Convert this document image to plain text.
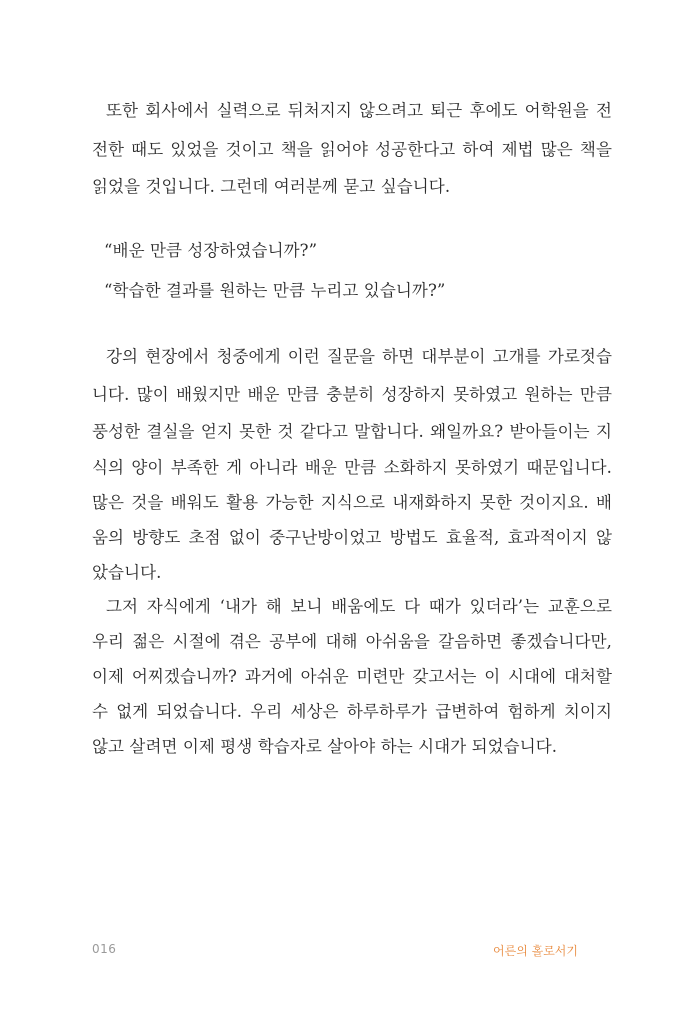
또한 회사에서 실력으로 뒤처지지 않으려고 퇴근 후에도 어학원을 전
전한 때도 있었을 것이고 책을 읽어야 성공한다고 하여 제법 많은 책을
읽었을 것입니다. 그런데 여러분께 묻고 싶습니다.
“배운 만큼 성장하였습니까?”
“학습한 결과를 원하는 만큼 누리고 있습니까?”
강의 현장에서 청중에게 이런 질문을 하면 대부분이 고개를 가로젓습
니다. 많이 배웠지만 배운 만큼 충분히 성장하지 못하였고 원하는 만큼
풍성한 결실을 얻지 못한 것 같다고 말합니다. 왜일까요? 받아들이는 지
식의 양이 부족한 게 아니라 배운 만큼 소화하지 못하였기 때문입니다.
많은 것을 배워도 활용 가능한 지식으로 내재화하지 못한 것이지요. 배
움의 방향도 초점 없이 중구난방이었고 방법도 효율적, 효과적이지 않
았습니다.
그저 자식에게 ‘내가 해 보니 배움에도 다 때가 있더라’는 교훈으로
우리 젊은 시절에 겪은 공부에 대해 아쉬움을 갈음하면 좋겠습니다만,
이제 어찌겠습니까? 과거에 아쉬운 미련만 갖고서는 이 시대에 대처할
수 없게 되었습니다. 우리 세상은 하루하루가 급변하여 험하게 치이지
않고 살려면 이제 평생 학습자로 살아야 하는 시대가 되었습니다.
016	어른의 홀로서기
